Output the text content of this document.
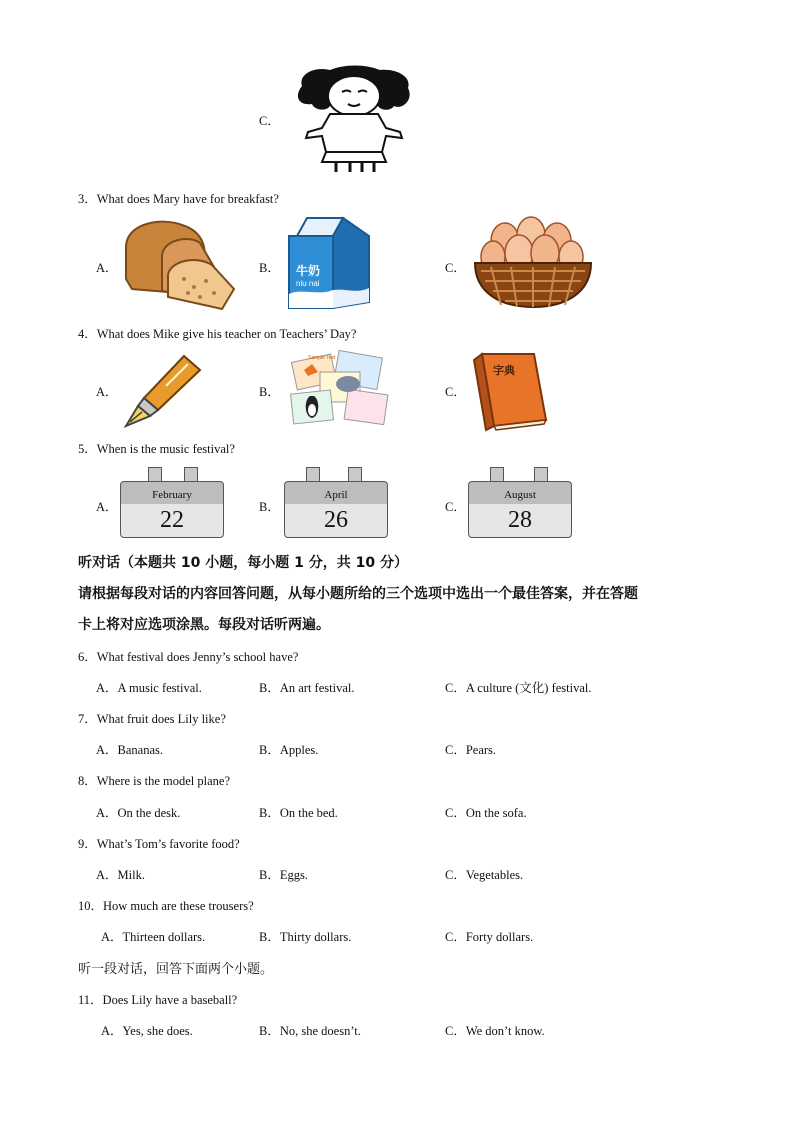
C．
3．What does Mary have for breakfast?
A．	B．	C．
牛奶
niu nai
4．What does Mike give his teacher on Teachers’ Day?
A．	B．	C．
Sample Text
字典
5．When is the music festival?
A．	B．	C．
February
22
April
26
August
28
听对话（本题共 10 小题，每小题 1 分，共 10 分）
请根据每段对话的内容回答问题，从每小题所给的三个选项中选出一个最佳答案，并在答题
卡上将对应选项涂黑。每段对话听两遍。
6．What festival does Jenny’s school have?
A．A music festival.	B．An art festival.	C．A culture (文化) festival.
7．What fruit does Lily like?
A．Bananas.	B．Apples.	C．Pears.
8．Where is the model plane?
A．On the desk.	B．On the bed.	C．On the sofa.
9．What’s Tom’s favorite food?
A．Milk.	B．Eggs.	C．Vegetables.
10．How much are these trousers?
A．Thirteen dollars.	B．Thirty dollars.	C．Forty dollars.
听一段对话，回答下面两个小题。
11．Does Lily have a baseball?
A．Yes, she does.	B．No, she doesn’t.	C．We don’t know.
